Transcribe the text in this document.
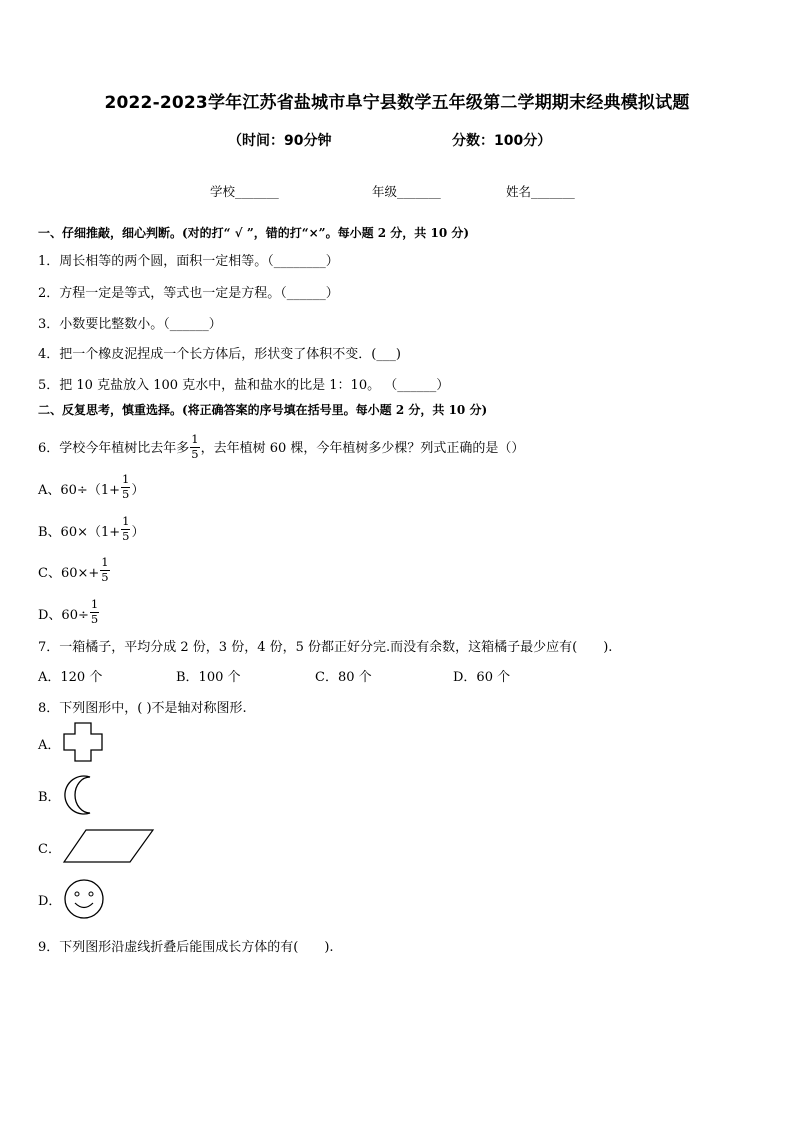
2022-2023学年江苏省盐城市阜宁县数学五年级第二学期期末经典模拟试题
（时间：90分钟	分数：100分）
学校_______	年级_______	姓名_______
一、仔细推敲，细心判断。(对的打“ √ ”，错的打“×”。每小题 2 分，共 10 分)
1．周长相等的两个圆，面积一定相等。（________）
2．方程一定是等式，等式也一定是方程。（______）
3．小数要比整数小。（______）
4．把一个橡皮泥捏成一个长方体后，形状变了体积不变．(___)
5．把 10 克盐放入 100 克水中，盐和盐水的比是 1：10。 （______）
二、反复思考，慎重选择。(将正确答案的序号填在括号里。每小题 2 分，共 10 分)
6．学校今年植树比去年多 $\frac{1}{5}$ ，去年植树 60 棵，今年植树多少棵？列式正确的是（）
A、$60\div(1+ \frac{1}{5}$ ）
B、$60\times(1+ \frac{1}{5}$ ）
C、$60\times+ \frac{1}{5}$
D、$60\div \frac{1}{5}$
7．一箱橘子，平均分成 2 份，3 份，4 份，5 份都正好分完.而没有余数，这箱橘子最少应有(　　).
A．120 个	B．100 个	C．80 个	D．60 个
8．下列图形中，( )不是轴对称图形.
A．
B．
C．
D．
9．下列图形沿虚线折叠后能围成长方体的有(　　).
